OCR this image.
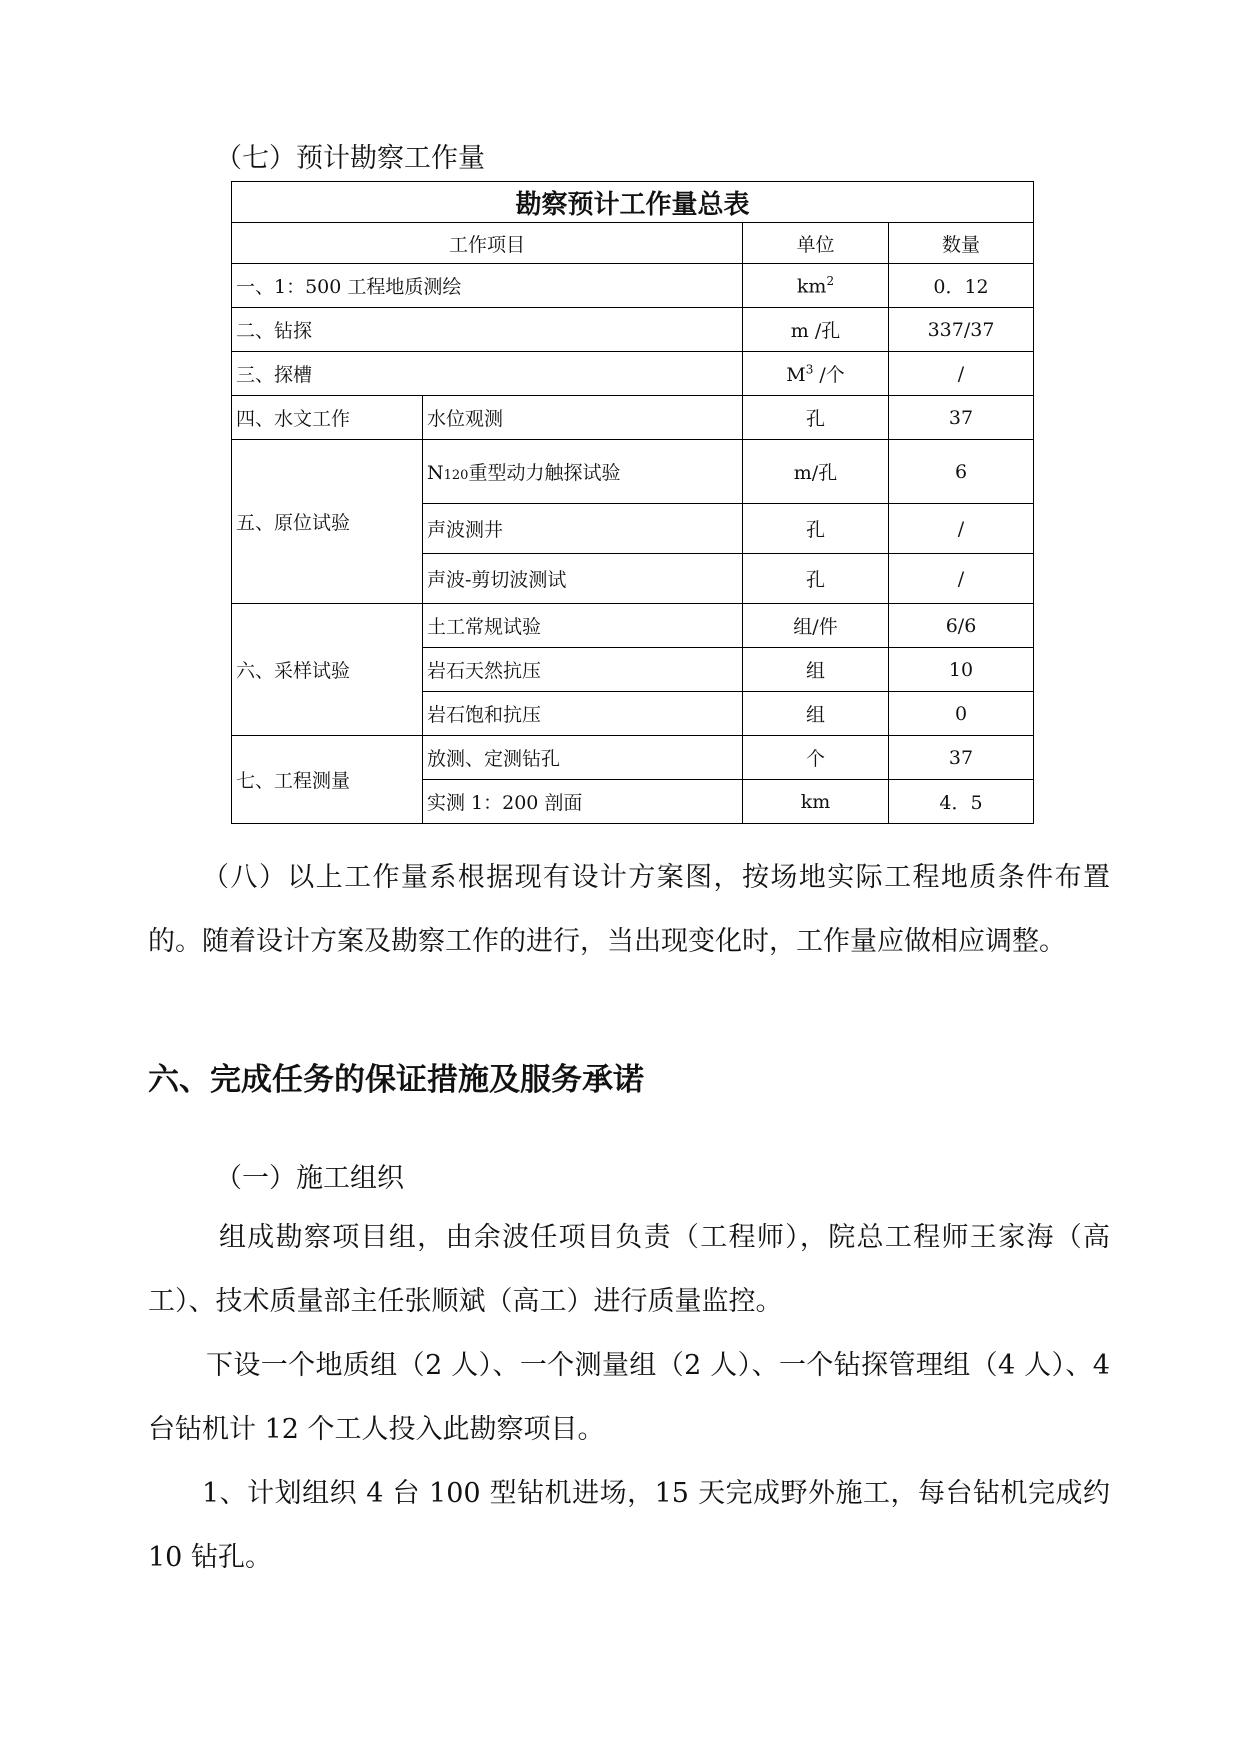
（七）预计勘察工作量
勘察预计工作量总表			
工作项目		单位	数量
一、1：500 工程地质测绘		$km^2$	0．12
二、钻探		m /孔	337/37
三、探槽		$M^3$ /个	/
四、水文工作	水位观测	孔	37
五、原位试验	N120重型动力触探试验	m/孔	6
	声波测井	孔	/
	声波-剪切波测试	孔	/
六、采样试验	土工常规试验	组/件	6/6
	岩石天然抗压	组	10
	岩石饱和抗压	组	0
七、工程测量	放测、定测钻孔	个	37
	实测 1：200 剖面	km	4．5
（八）以上工作量系根据现有设计方案图，按场地实际工程地质条件布置的。随着设计方案及勘察工作的进行，当出现变化时，工作量应做相应调整。
六、完成任务的保证措施及服务承诺
（一）施工组织
组成勘察项目组，由余波任项目负责（工程师），院总工程师王家海（高工）、技术质量部主任张顺斌（高工）进行质量监控。
下设一个地质组（2 人）、一个测量组（2 人）、一个钻探管理组（4 人）、4 台钻机计 12 个工人投入此勘察项目。
1、计划组织 4 台 100 型钻机进场，15 天完成野外施工，每台钻机完成约 10 钻孔。
